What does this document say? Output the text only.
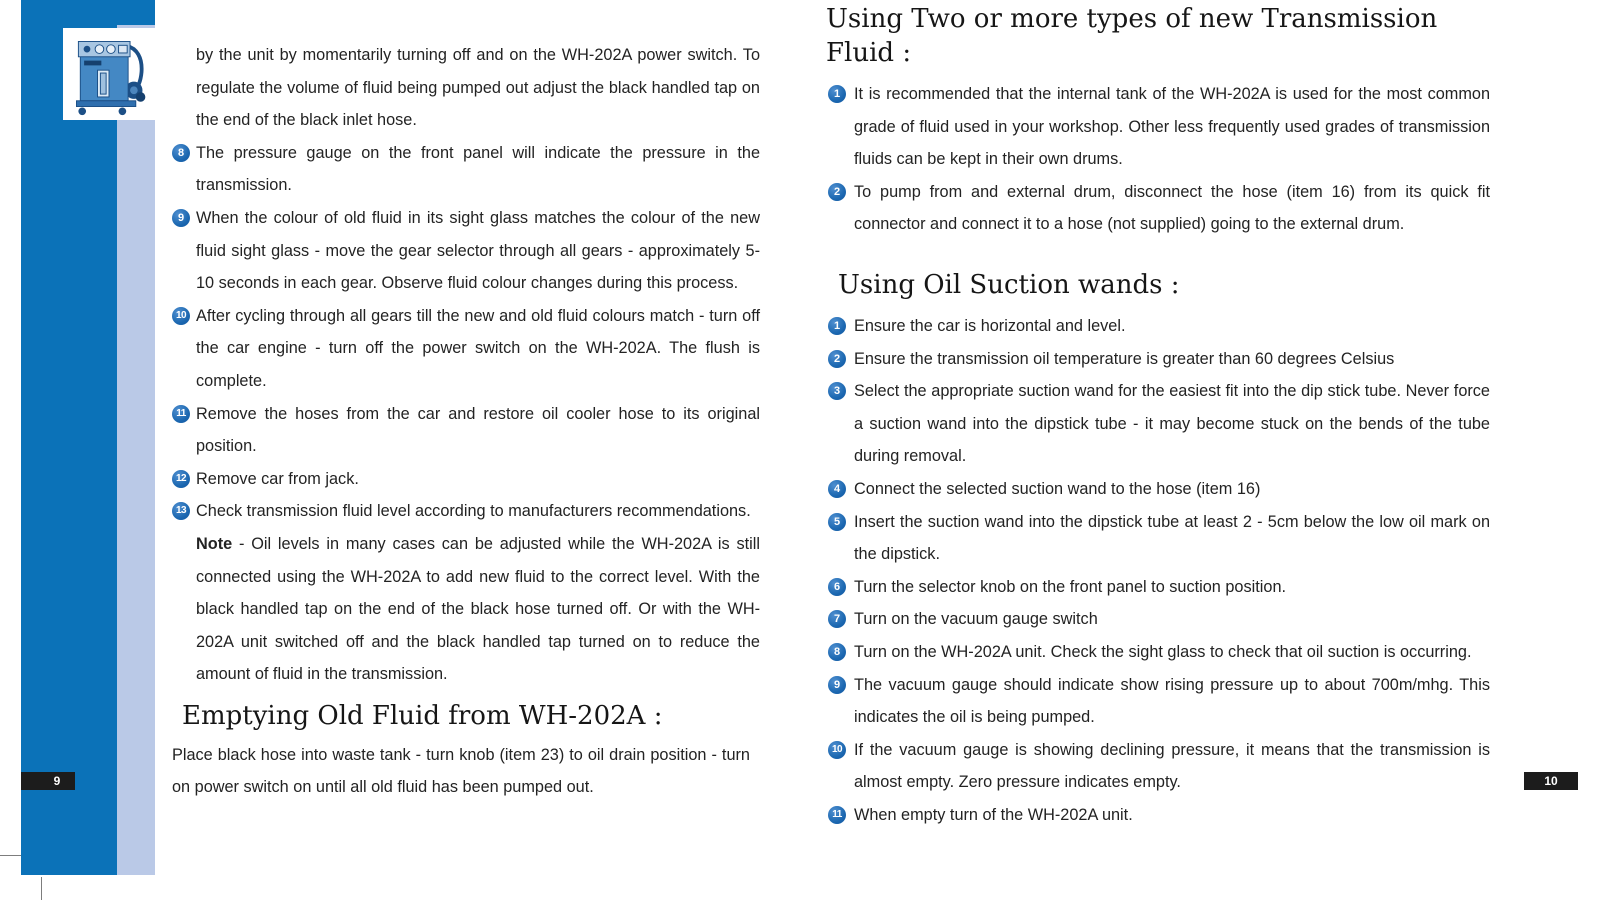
9	10

by the unit by momentarily turning off and on the WH-202A power switch. To regulate the volume of fluid being pumped out adjust the black handled tap on the end of the black inlet hose.

8 The pressure gauge on the front panel will indicate the pressure in the transmission.
9 When the colour of old fluid in its sight glass matches the colour of the new fluid sight glass - move the gear selector through all gears - approximately 5-10 seconds in each gear. Observe fluid colour changes during this process.
10 After cycling through all gears till the new and old fluid colours match - turn off the car engine - turn off the power switch on the WH-202A. The flush is complete.
11 Remove the hoses from the car and restore oil cooler hose to its original position.
12 Remove car from jack.
13 Check transmission fluid level according to manufacturers recommendations.

Note - Oil levels in many cases can be adjusted while the WH-202A is still connected using the WH-202A to add new fluid to the correct level. With the black handled tap on the end of the black hose turned off. Or with the WH-202A unit switched off and the black handled tap turned on to reduce the amount of fluid in the transmission.

Emptying Old Fluid from WH-202A :

Place black hose into waste tank - turn knob (item 23) to oil drain position - turn on power switch on until all old fluid has been pumped out.

Using Two or more types of new Transmission Fluid :
1 It is recommended that the internal tank of the WH-202A is used for the most common grade of fluid used in your workshop. Other less frequently used grades of transmission fluids can be kept in their own drums.
2 To pump from and external drum, disconnect the hose (item 16) from its quick fit connector and connect it to a hose (not supplied) going to the external drum.
Using Oil Suction wands :
1 Ensure the car is horizontal and level.
2 Ensure the transmission oil temperature is greater than 60 degrees Celsius
3 Select the appropriate suction wand for the easiest fit into the dip stick tube. Never force a suction wand into the dipstick tube - it may become stuck on the bends of the tube during removal.
4 Connect the selected suction wand to the hose (item 16)
5 Insert the suction wand into the dipstick tube at least 2 - 5cm below the low oil mark on the dipstick.
6 Turn the selector knob on the front panel to suction position.
7 Turn on the vacuum gauge switch
8 Turn on the WH-202A unit. Check the sight glass to check that oil suction is occurring.
9 The vacuum gauge should indicate show rising pressure up to about 700m/mhg. This indicates the oil is being pumped.
10 If the vacuum gauge is showing declining pressure, it means that the transmission is almost empty. Zero pressure indicates empty.
11 When empty turn of the WH-202A unit.
